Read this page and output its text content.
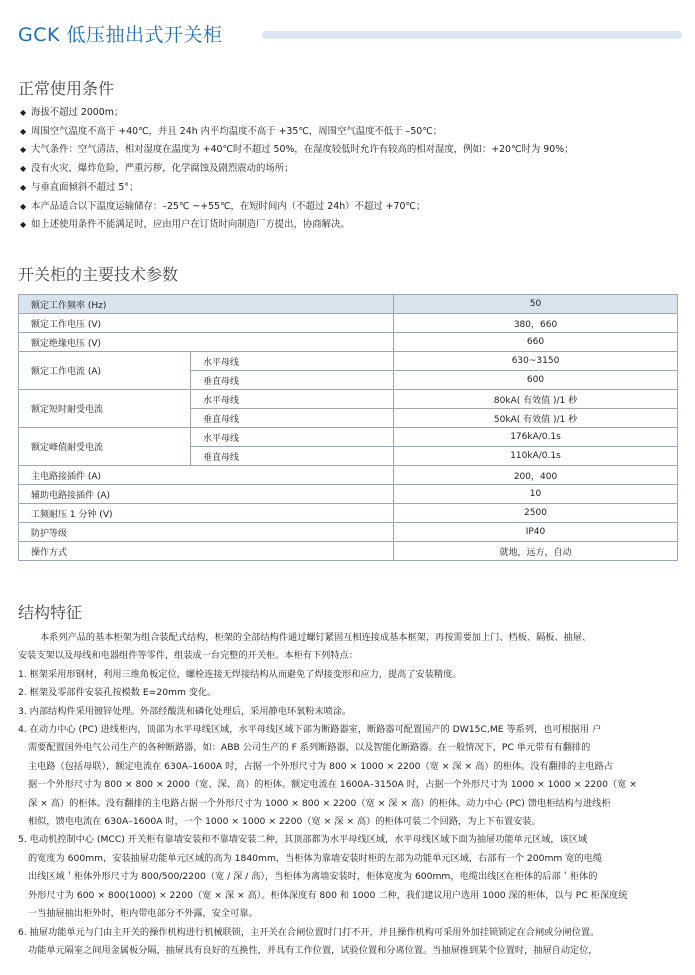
GCK 低压抽出式开关柜
正常使用条件
◆ 海拔不超过 2000m；
◆ 周围空气温度不高于 +40℃，并且 24h 内平均温度不高于 +35℃，周围空气温度不低于 –50℃；
◆ 大气条件：空气清洁，相对湿度在温度为 +40℃时不超过 50%，在湿度较低时允许有较高的相对湿度，例如：+20℃时为 90%；
◆ 没有火灾，爆炸危险，严重污秽，化学腐蚀及剧烈震动的场所；
◆ 与垂直面倾斜不超过 5°；
◆ 本产品适合以下温度运输储存：–25℃ ~+55℃，在短时间内（不超过 24h）不超过 +70℃；
◆ 如上述使用条件不能满足时，应由用户在订货时向制造厂方提出，协商解决。
开关柜的主要技术参数
额定工作频率 (Hz)		50
额定工作电压 (V)		380，660
额定绝缘电压 (V)		660
额定工作电流 (A)	水平母线	630~3150
	垂直母线	600
额定短时耐受电流	水平母线	80kA( 有效值 )/1 秒
	垂直母线	50kA( 有效值 )/1 秒
额定峰值耐受电流	水平母线	176kA/0.1s
	垂直母线	110kA/0.1s
主电路接插件 (A)		200，400
辅助电路接插件 (A)		10
工频耐压 1 分钟 (V)		2500
防护等级		IP40
操作方式		就地，远方，自动
结构特征
本系列产品的基本柜架为组合装配式结构，柜架的全部结构件通过螺钉紧固互相连接成基本框架，再按需要加上门、档板、隔板、抽屉、
安装支架以及母线和电器组件等零件，组装成一台完整的开关柜。本柜有下列特点：
1. 框架采用形钢材，利用三维角板定位，螺栓连接无焊接结构从而避免了焊接变形和应力，提高了安装精度。
2. 框架及零部件安装孔按模数 E=20mm 变化。
3. 内部结构件采用镀锌处理。外部经酸洗和磷化处理后，采用静电环氧粉末喷涂。
4. 在动力中心 (PC) 进线柜内，顶部为水平母线区域，水平母线区域下部为断路器室，断路器可配置国产的 DW15C,ME 等系列，也可根据用 户
需要配置国外电气公司生产的各种断路器，如：ABB 公司生产的 F 系列断路器，以及智能化断路器。在一般情况下，PC 单元带有有翻排的
主电路（包括母联），额定电流在 630A–1600A 时，占据一个外形尺寸为 800 × 1000 × 2200（宽 × 深 × 高）的柜体。没有翻排的主电路占
据一个外形尺寸为 800 × 800 × 2000（宽、深、高）的柜体。额定电流在 1600A–3150A 时，占据一个外形尺寸为 1000 × 1000 × 2200（宽 ×
深 × 高）的柜体。没有翻排的主电路占据一个外形尺寸为 1000 × 800 × 2200（宽 × 深 × 高）的柜体。动力中心 (PC) 馈电柜结构与进线柜
相似，馈电电流在 630A–1600A 时，一个 1000 × 1000 × 2200（宽 × 深 × 高）的柜体可装二个回路，为上下布置安装。
5. 电动机控制中心 (MCC) 开关柜有靠墙安装和不靠墙安装二种，其顶部都为水平母线区域，水平母线区域下面为抽屉功能单元区域，该区域
的宽度为 600mm，安装抽屉功能单元区域的高为 1840mm，当柜体为靠墙安装时柜的左部为功能单元区域，右部有一个 200mm 宽的电缆
出线区域＇柜体外形尺寸为 800/500/2200（宽 / 深 / 高），当柜体为离墙安装时，柜体宽度为 600mm，电缆出线区在柜体的后部＇柜体的
外形尺寸为 600 × 800(1000) × 2200（宽 × 深 × 高）。柜体深度有 800 和 1000 二种，我们建议用户选用 1000 深的柜体，以与 PC 柜深度统
一当抽屉抽出柜外时，柜内带电部分不外露，安全可靠。
6. 抽屉功能单元与门由主开关的操作机构进行机械联锁，主开关在合闸位置时门打不开，并且操作机构可采用外加挂锁锁定在合闸或分闸位置。
功能单元隔室之间用金属板分隔，抽屉具有良好的互换性，并具有工作位置，试验位置和分离位置。当抽屉推到某个位置时，抽屉自动定位，
